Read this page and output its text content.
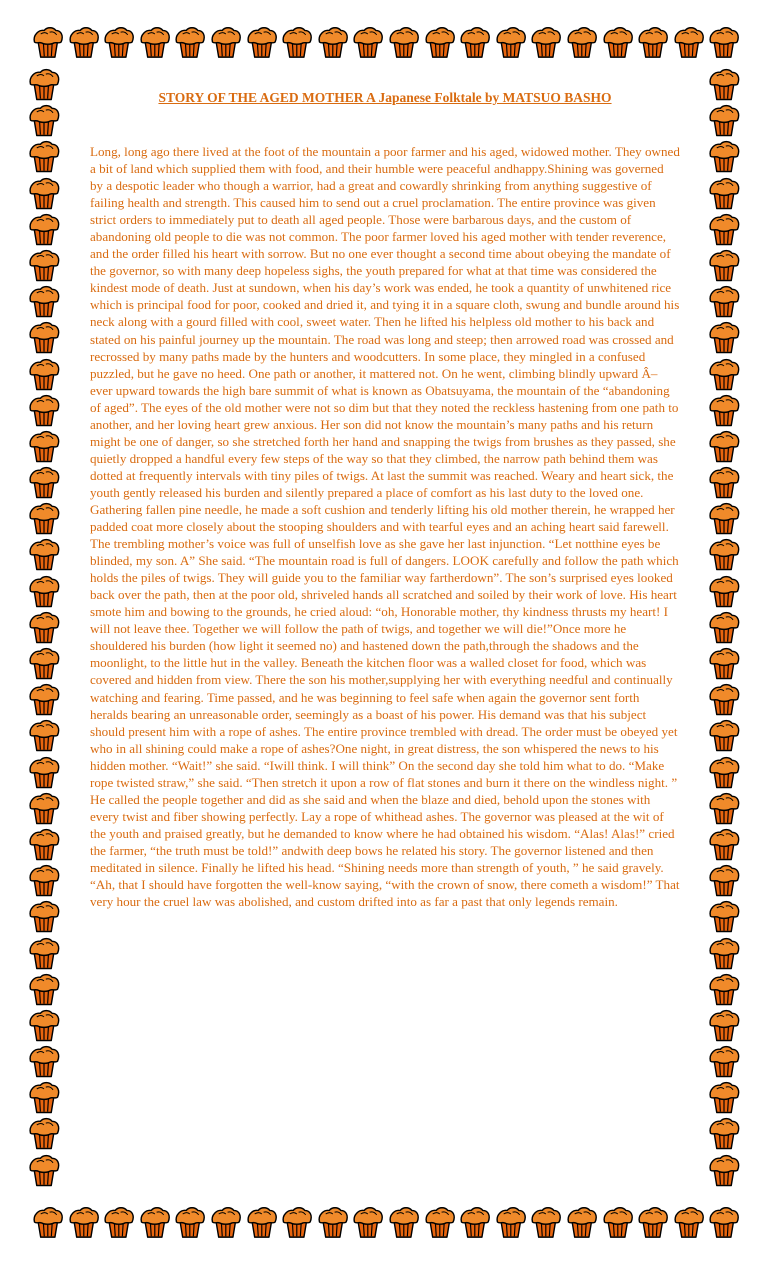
STORY OF THE AGED MOTHER A Japanese Folktale by MATSUO BASHO

Long, long ago there lived at the foot of the mountain a poor farmer and his aged, widowed mother. They owned a bit of land which supplied them with food, and their humble were peaceful andhappy.Shining was governed by a despotic leader who though a warrior, had a great and cowardly shrinking from anything suggestive of failing health and strength. This caused him to send out a cruel proclamation. The entire province was given strict orders to immediately put to death all aged people. Those were barbarous days, and the custom of abandoning old people to die was not common. The poor farmer loved his aged mother with tender reverence, and the order filled his heart with sorrow. But no one ever thought a second time about obeying the mandate of the governor, so with many deep hopeless sighs, the youth prepared for what at that time was considered the kindest mode of death. Just at sundown, when his day’s work was ended, he took a quantity of unwhitened rice which is principal food for poor, cooked and dried it, and tying it in a square cloth, swung and bundle around his neck along with a gourd filled with cool, sweet water. Then he lifted his helpless old mother to his back and stated on his painful journey up the mountain. The road was long and steep; then arrowed road was crossed and recrossed by many paths made by the hunters and woodcutters. In some place, they mingled in a confused puzzled, but he gave no heed. One path or another, it mattered not. On he went, climbing blindly upward Â– ever upward towards the high bare summit of what is known as Obatsuyama, the mountain of the “abandoning of aged”. The eyes of the old mother were not so dim but that they noted the reckless hastening from one path to another, and her loving heart grew anxious. Her son did not know the mountain’s many paths and his return might be one of danger, so she stretched forth her hand and snapping the twigs from brushes as they passed, she quietly dropped a handful every few steps of the way so that they climbed, the narrow path behind them was dotted at frequently intervals with tiny piles of twigs. At last the summit was reached. Weary and heart sick, the youth gently released his burden and silently prepared a place of comfort as his last duty to the loved one. Gathering fallen pine needle, he made a soft cushion and tenderly lifting his old mother therein, he wrapped her padded coat more closely about the stooping shoulders and with tearful eyes and an aching heart said farewell. The trembling mother’s voice was full of unselfish love as she gave her last injunction. “Let notthine eyes be blinded, my son. A” She said. “The mountain road is full of dangers. LOOK carefully and follow the path which holds the piles of twigs. They will guide you to the familiar way fartherdown”. The son’s surprised eyes looked back over the path, then at the poor old, shriveled hands all scratched and soiled by their work of love. His heart smote him and bowing to the grounds, he cried aloud: “oh, Honorable mother, thy kindness thrusts my heart! I will not leave thee. Together we will follow the path of twigs, and together we will die!”Once more he shouldered his burden (how light it seemed no) and hastened down the path,through the shadows and the moonlight, to the little hut in the valley. Beneath the kitchen floor was a walled closet for food, which was covered and hidden from view. There the son his mother,supplying her with everything needful and continually watching and fearing. Time passed, and he was beginning to feel safe when again the governor sent forth heralds bearing an unreasonable order, seemingly as a boast of his power. His demand was that his subject should present him with a rope of ashes. The entire province trembled with dread. The order must be obeyed yet who in all shining could make a rope of ashes?One night, in great distress, the son whispered the news to his hidden mother. “Wait!” she said. “Iwill think. I will think” On the second day she told him what to do. “Make rope twisted straw,” she said. “Then stretch it upon a row of flat stones and burn it there on the windless night. ” He called the people together and did as she said and when the blaze and died, behold upon the stones with every twist and fiber showing perfectly. Lay a rope of whithead ashes. The governor was pleased at the wit of the youth and praised greatly, but he demanded to know where he had obtained his wisdom. “Alas! Alas!” cried the farmer, “the truth must be told!” andwith deep bows he related his story. The governor listened and then meditated in silence. Finally he lifted his head. “Shining needs more than strength of youth, ” he said gravely. “Ah, that I should have forgotten the well-know saying, “with the crown of snow, there cometh a wisdom!” That very hour the cruel law was abolished, and custom drifted into as far a past that only legends remain.
